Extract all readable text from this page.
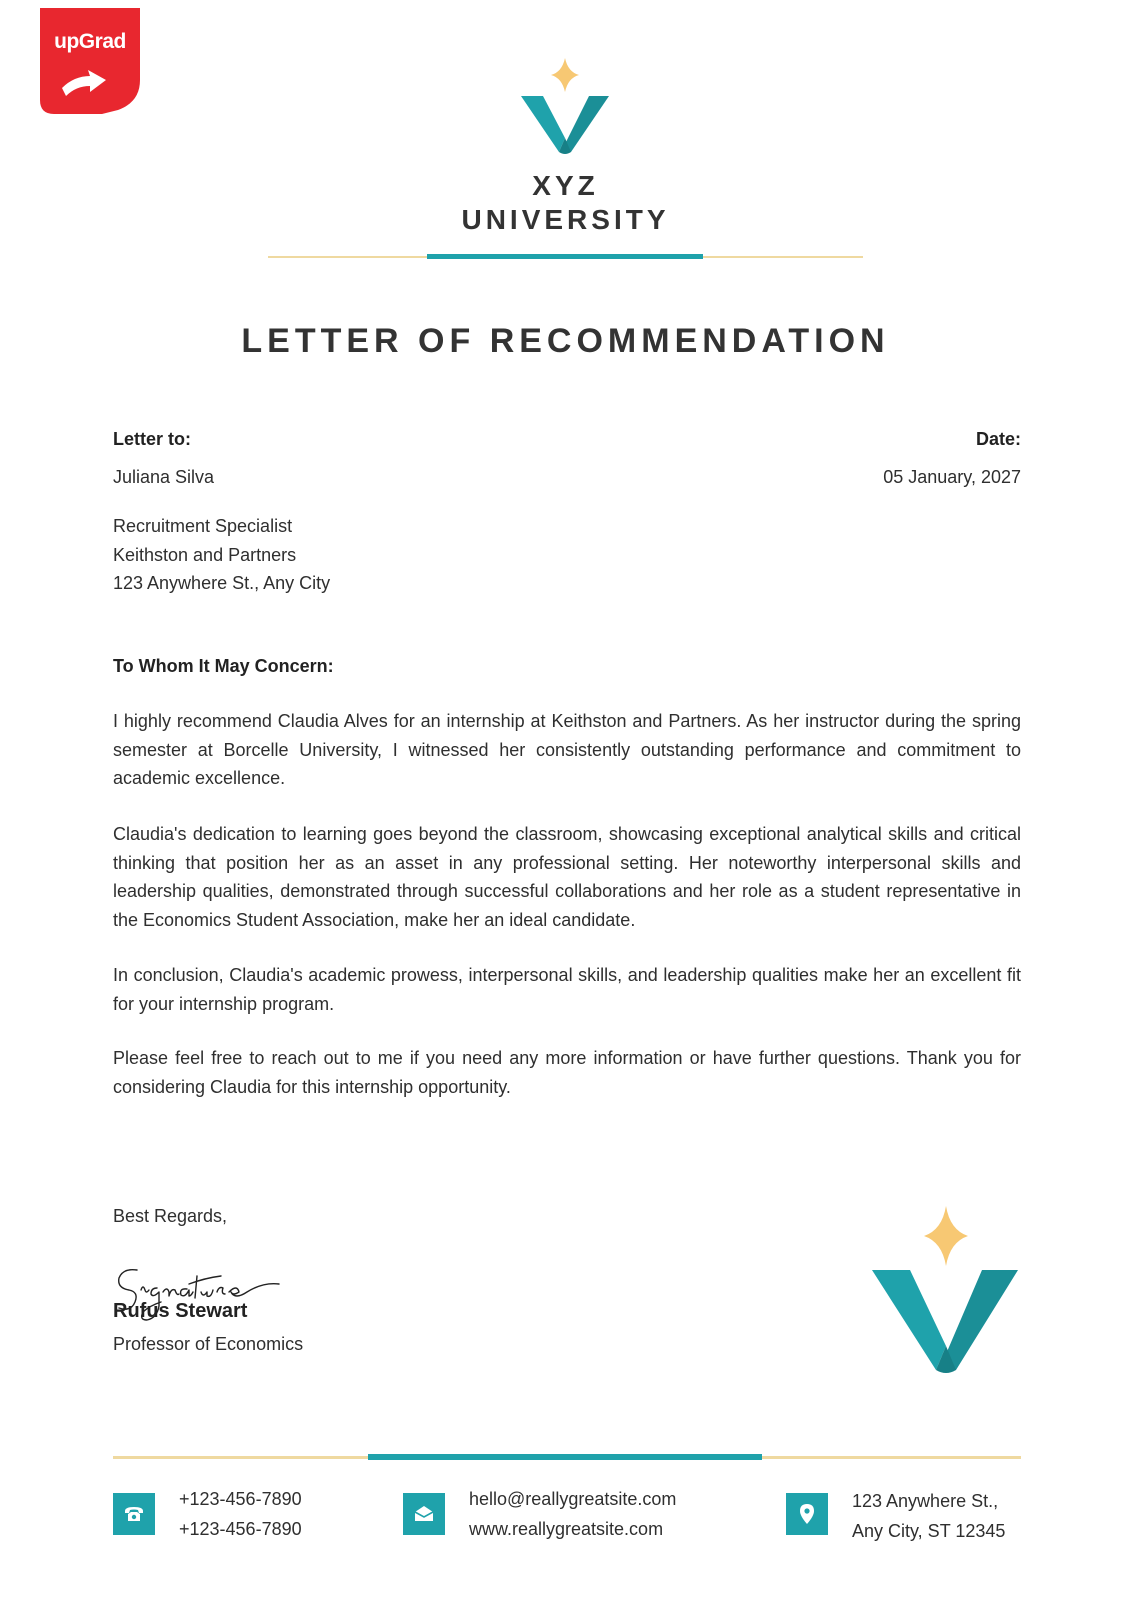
upGrad
XYZ
UNIVERSITY
LETTER OF RECOMMENDATION
Letter to:
Juliana Silva
Date:
05 January, 2027
Recruitment Specialist
Keithston and Partners
123 Anywhere St., Any City
To Whom It May Concern:

I highly recommend Claudia Alves for an internship at Keithston and Partners. As her instructor during the spring semester at Borcelle University, I witnessed her consistently outstanding performance and commitment to academic excellence.

Claudia's dedication to learning goes beyond the classroom, showcasing exceptional analytical skills and critical thinking that position her as an asset in any professional setting. Her noteworthy interpersonal skills and leadership qualities, demonstrated through successful collaborations and her role as a student representative in the Economics Student Association, make her an ideal candidate.

In conclusion, Claudia's academic prowess, interpersonal skills, and leadership qualities make her an excellent fit for your internship program.

Please feel free to reach out to me if you need any more information or have further questions. Thank you for considering Claudia for this internship opportunity.

Best Regards,
Rufus Stewart
Professor of Economics
+123-456-7890
+123-456-7890
hello@reallygreatsite.com
www.reallygreatsite.com
123 Anywhere St.,
Any City, ST 12345
